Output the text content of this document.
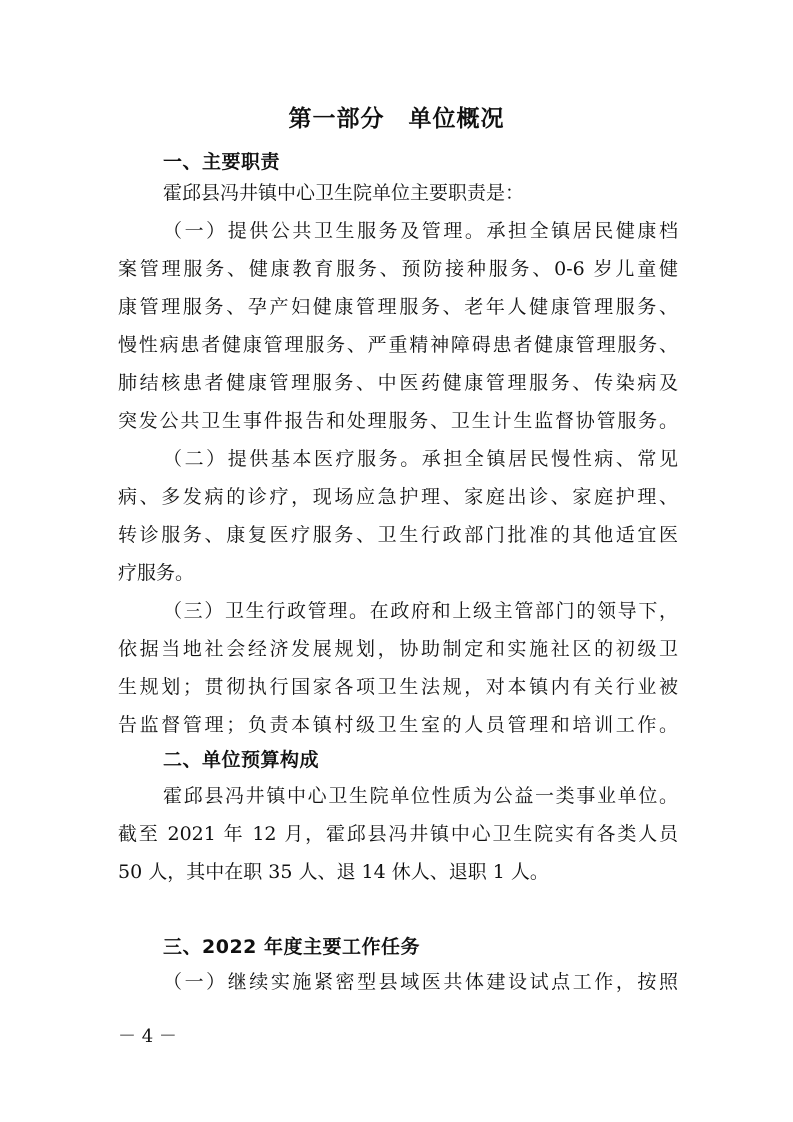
第一部分　单位概况
一、主要职责
霍邱县冯井镇中心卫生院单位主要职责是：
（一）提供公共卫生服务及管理。承担全镇居民健康档
案管理服务、健康教育服务、预防接种服务、0-6 岁儿童健
康管理服务、孕产妇健康管理服务、老年人健康管理服务、
慢性病患者健康管理服务、严重精神障碍患者健康管理服务、
肺结核患者健康管理服务、中医药健康管理服务、传染病及
突发公共卫生事件报告和处理服务、卫生计生监督协管服务。
（二）提供基本医疗服务。承担全镇居民慢性病、常见
病、多发病的诊疗，现场应急护理、家庭出诊、家庭护理、
转诊服务、康复医疗服务、卫生行政部门批准的其他适宜医
疗服务。
（三）卫生行政管理。在政府和上级主管部门的领导下，
依据当地社会经济发展规划，协助制定和实施社区的初级卫
生规划；贯彻执行国家各项卫生法规，对本镇内有关行业被
告监督管理；负责本镇村级卫生室的人员管理和培训工作。
二、单位预算构成
霍邱县冯井镇中心卫生院单位性质为公益一类事业单位。
截至 2021 年 12 月，霍邱县冯井镇中心卫生院实有各类人员
50 人，其中在职 35 人、退 14 休人、退职 1 人。
三、2022 年度主要工作任务
（一）继续实施紧密型县域医共体建设试点工作，按照
－ 4 －
